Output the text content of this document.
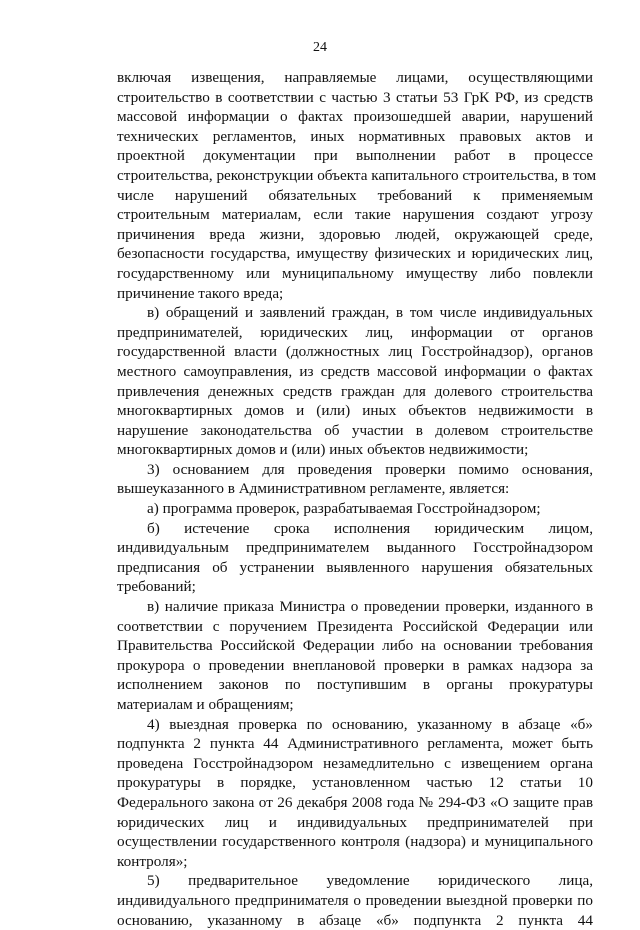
24
включая извещения, направляемые лицами, осуществляющими
строительство в соответствии с частью 3 статьи 53 ГрК РФ, из средств
массовой информации о фактах произошедшей аварии, нарушений
технических регламентов, иных нормативных правовых актов и
проектной документации при выполнении работ в процессе
строительства, реконструкции объекта капитального строительства, в том
числе нарушений обязательных требований к применяемым
строительным материалам, если такие нарушения создают угрозу
причинения вреда жизни, здоровью людей, окружающей среде,
безопасности государства, имуществу физических и юридических лиц,
государственному или муниципальному имуществу либо повлекли
причинение такого вреда;
в) обращений и заявлений граждан, в том числе индивидуальных
предпринимателей, юридических лиц, информации от органов
государственной власти (должностных лиц Госстройнадзор), органов
местного самоуправления, из средств массовой информации о фактах
привлечения денежных средств граждан для долевого строительства
многоквартирных домов и (или) иных объектов недвижимости в
нарушение законодательства об участии в долевом строительстве
многоквартирных домов и (или) иных объектов недвижимости;
3) основанием для проведения проверки помимо основания,
вышеуказанного в Административном регламенте, является:
а) программа проверок, разрабатываемая Госстройнадзором;
б) истечение срока исполнения юридическим лицом,
индивидуальным предпринимателем выданного Госстройнадзором
предписания об устранении выявленного нарушения обязательных
требований;
в) наличие приказа Министра о проведении проверки, изданного в
соответствии с поручением Президента Российской Федерации или
Правительства Российской Федерации либо на основании требования
прокурора о проведении внеплановой проверки в рамках надзора за
исполнением законов по поступившим в органы прокуратуры
материалам и обращениям;
4) выездная проверка по основанию, указанному в абзаце «б»
подпункта 2 пункта 44 Административного регламента, может быть
проведена Госстройнадзором незамедлительно с извещением органа
прокуратуры в порядке, установленном частью 12 статьи 10
Федерального закона от 26 декабря 2008 года № 294-ФЗ «О защите прав
юридических лиц и индивидуальных предпринимателей при
осуществлении государственного контроля (надзора) и муниципального
контроля»;
5) предварительное уведомление юридического лица,
индивидуального предпринимателя о проведении выездной проверки по
основанию, указанному в абзаце «б» подпункта 2 пункта 44
